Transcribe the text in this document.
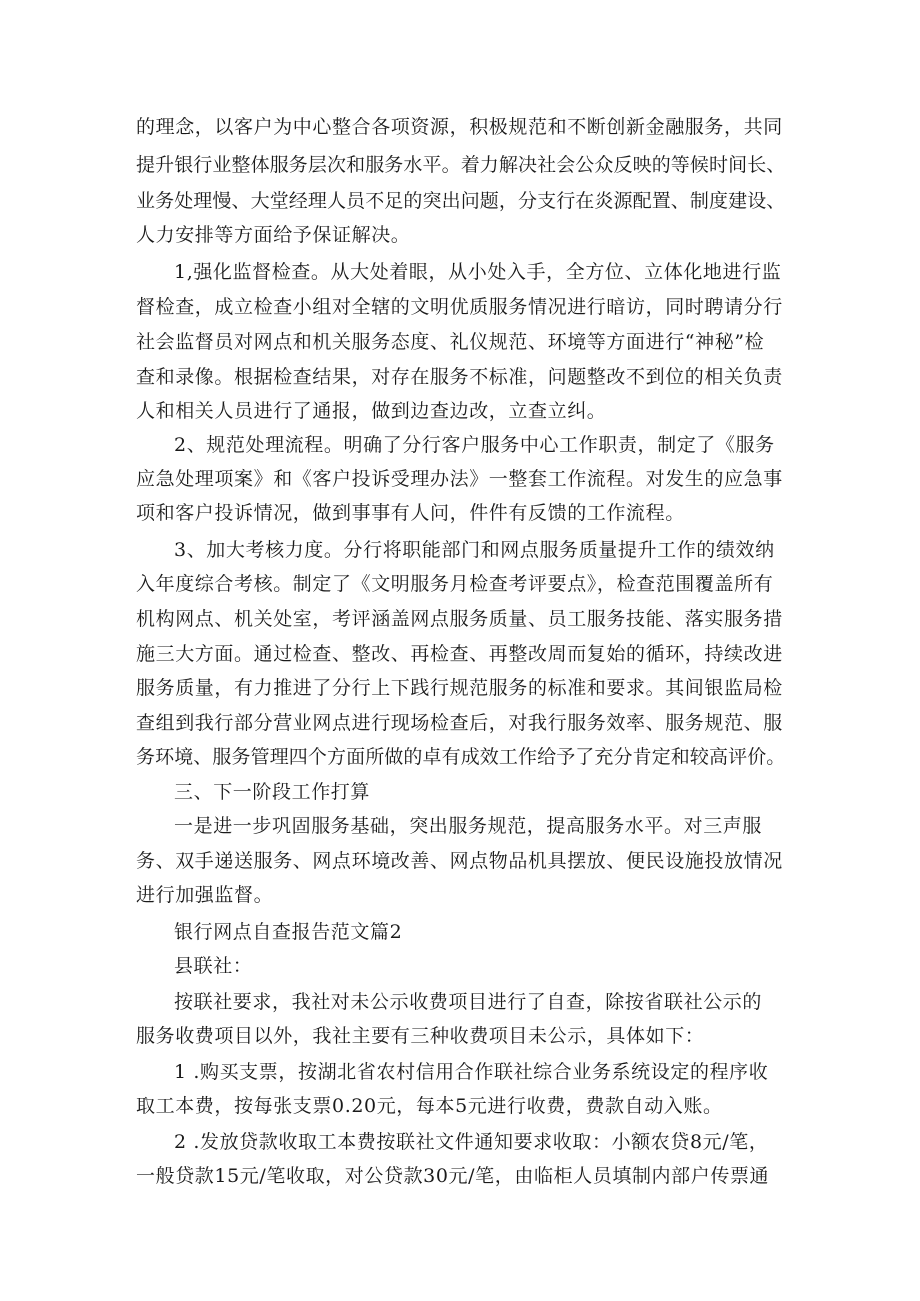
的理念，以客户为中心整合各项资源，积极规范和不断创新金融服务，共同
提升银行业整体服务层次和服务水平。着力解决社会公众反映的等候时间长、
业务处理慢、大堂经理人员不足的突出问题，分支行在炎源配置、制度建设、
人力安排等方面给予保证解决。
1,强化监督检查。从大处着眼，从小处入手，全方位、立体化地进行监
督检查，成立检查小组对全辖的文明优质服务情况进行暗访，同时聘请分行
社会监督员对网点和机关服务态度、礼仪规范、环境等方面进行“神秘”检
查和录像。根据检查结果，对存在服务不标准，问题整改不到位的相关负责
人和相关人员进行了通报，做到边查边改，立查立纠。
2、规范处理流程。明确了分行客户服务中心工作职责，制定了《服务
应急处理项案》和《客户投诉受理办法》一整套工作流程。对发生的应急事
项和客户投诉情况，做到事事有人问，件件有反馈的工作流程。
3、加大考核力度。分行将职能部门和网点服务质量提升工作的绩效纳
入年度综合考核。制定了《文明服务月检查考评要点》，检查范围覆盖所有
机构网点、机关处室，考评涵盖网点服务质量、员工服务技能、落实服务措
施三大方面。通过检查、整改、再检查、再整改周而复始的循环，持续改进
服务质量，有力推进了分行上下践行规范服务的标准和要求。其间银监局检
查组到我行部分营业网点进行现场检查后，对我行服务效率、服务规范、服
务环境、服务管理四个方面所做的卓有成效工作给予了充分肯定和较高评价。
三、下一阶段工作打算
一是进一步巩固服务基础，突出服务规范，提高服务水平。对三声服
务、双手递送服务、网点环境改善、网点物品机具摆放、便民设施投放情况
进行加强监督。
银行网点自查报告范文篇2
县联社：
按联社要求，我社对未公示收费项目进行了自查，除按省联社公示的
服务收费项目以外，我社主要有三种收费项目未公示，具体如下：
1 .购买支票，按湖北省农村信用合作联社综合业务系统设定的程序收
取工本费，按每张支票0.20元，每本5元进行收费，费款自动入账。
2 .发放贷款收取工本费按联社文件通知要求收取：小额农贷8元/笔，
一般贷款15元/笔收取，对公贷款30元/笔，由临柜人员填制内部户传票通
